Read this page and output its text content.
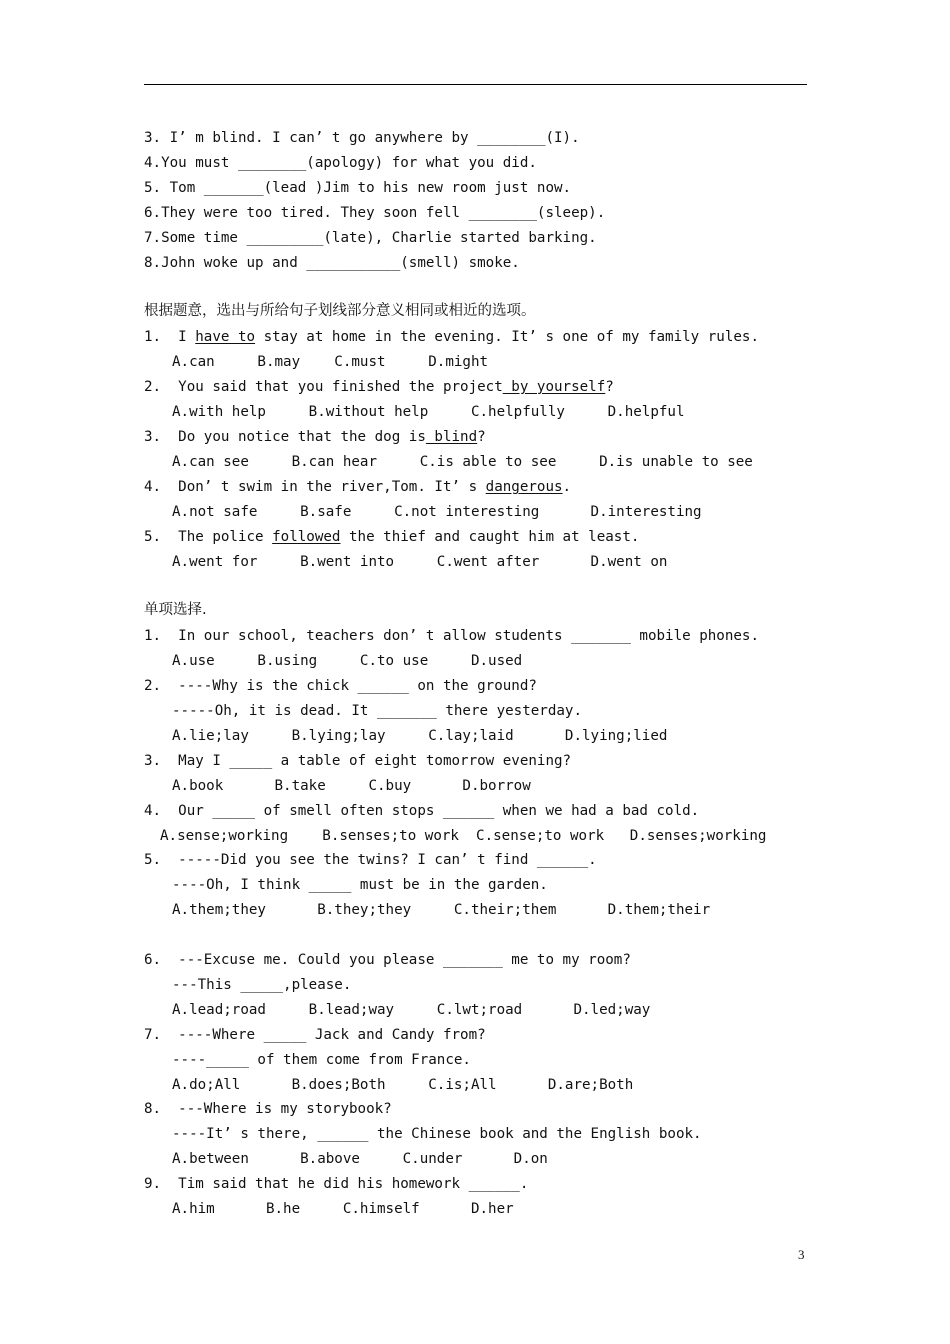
3. I’ m blind. I can’ t go anywhere by ________(I).
4.You must ________(apology) for what you did.
5. Tom _______(lead )Jim to his new room just now.
6.They were too tired. They soon fell ________(sleep).
7.Some time _________(late), Charlie started barking.
8.John woke up and ___________(smell) smoke.
根据题意，选出与所给句子划线部分意义相同或相近的选项。
1.  I have to stay at home in the evening. It’ s one of my family rules.
A.can     B.may    C.must     D.might
2.  You said that you finished the project by yourself?
A.with help     B.without help     C.helpfully     D.helpful
3.  Do you notice that the dog is blind?
A.can see     B.can hear     C.is able to see     D.is unable to see
4.  Don’ t swim in the river,Tom. It’ s dangerous.
A.not safe     B.safe     C.not interesting      D.interesting
5.  The police followed the thief and caught him at least.
A.went for     B.went into     C.went after      D.went on
单项选择.
1.  In our school, teachers don’ t allow students _______ mobile phones.
A.use     B.using     C.to use     D.used
2.  ----Why is the chick ______ on the ground?
-----Oh, it is dead. It _______ there yesterday.
A.lie;lay     B.lying;lay     C.lay;laid      D.lying;lied
3.  May I _____ a table of eight tomorrow evening?
A.book      B.take     C.buy      D.borrow
4.  Our _____ of smell often stops ______ when we had a bad cold.
A.sense;working    B.senses;to work  C.sense;to work   D.senses;working
5.  -----Did you see the twins? I can’ t find ______.
----Oh, I think _____ must be in the garden.
A.them;they      B.they;they     C.their;them      D.them;their
6.  ---Excuse me. Could you please _______ me to my room?
---This _____,please.
A.lead;road     B.lead;way     C.lwt;road      D.led;way
7.  ----Where _____ Jack and Candy from?
----_____ of them come from France.
A.do;All      B.does;Both     C.is;All      D.are;Both
8.  ---Where is my storybook?
----It’ s there, ______ the Chinese book and the English book.
A.between      B.above     C.under      D.on
9.  Tim said that he did his homework ______.
A.him      B.he     C.himself      D.her
3
